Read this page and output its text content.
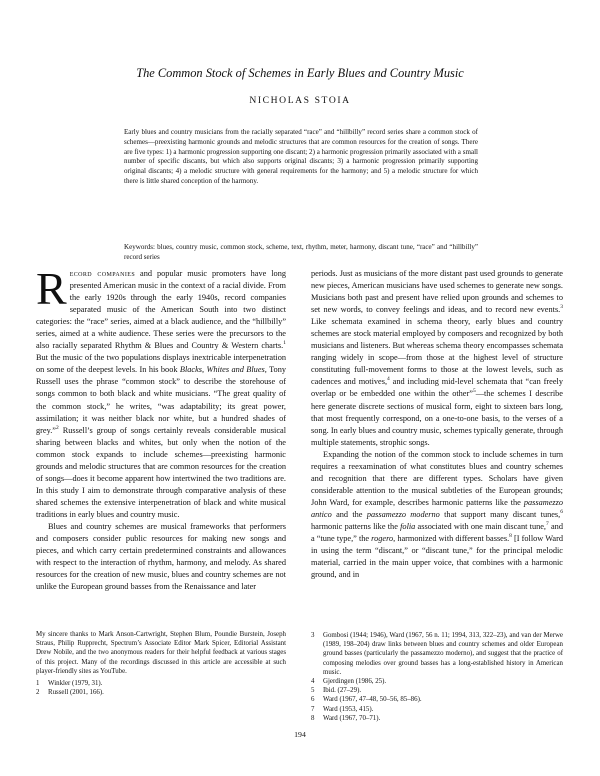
The Common Stock of Schemes in Early Blues and Country Music
NICHOLAS STOIA
Early blues and country musicians from the racially separated “race” and “hillbilly” record series share a common stock of schemes—preexisting harmonic grounds and melodic structures that are common resources for the creation of songs. There are five types: 1) a harmonic progression supporting one discant; 2) a harmonic progression primarily associated with a small number of specific discants, but which also supports original discants; 3) a harmonic progression primarily supporting original discants; 4) a melodic structure with general requirements for the harmony; and 5) a melodic structure for which there is little shared conception of the harmony.
Keywords: blues, country music, common stock, scheme, text, rhythm, meter, harmony, discant tune, “race” and “hillbilly” record series

Record companies and popular music promoters have long presented American music in the context of a racial divide. From the early 1920s through the early 1940s, record companies separated music of the American South into two distinct categories: the “race” series, aimed at a black audience, and the “hillbilly” series, aimed at a white audience. These series were the precursors to the also racially separated Rhythm & Blues and Country & Western charts.$^1$ But the music of the two populations displays inextricable interpenetration on some of the deepest levels. In his book Blacks, Whites and Blues, Tony Russell uses the phrase “common stock” to describe the storehouse of songs common to both black and white musicians. “The great quality of the common stock,” he writes, “was adaptability; its great power, assimilation; it was neither black nor white, but a hundred shades of grey.”$^2$ Russell’s group of songs certainly reveals considerable musical sharing between blacks and whites, but only when the notion of the common stock expands to include schemes—preexisting harmonic grounds and melodic structures that are common resources for the creation of songs—does it become apparent how intertwined the two traditions are. In this study I aim to demonstrate through comparative analysis of these shared schemes the extensive interpenetration of black and white musical traditions in early blues and country music.

Blues and country schemes are musical frameworks that performers and composers consider public resources for making new songs and pieces, and which carry certain predetermined constraints and allowances with respect to the interaction of rhythm, harmony, and melody. As shared resources for the creation of new music, blues and country schemes are not unlike the European ground basses from the Renaissance and later

periods. Just as musicians of the more distant past used grounds to generate new pieces, American musicians have used schemes to generate new songs. Musicians both past and present have relied upon grounds and schemes to set new words, to convey feelings and ideas, and to record new events.$^3$ Like schemata examined in schema theory, early blues and country schemes are stock material employed by composers and recognized by both musicians and listeners. But whereas schema theory encompasses schemata ranging widely in scope—from those at the highest level of structure constituting full-movement forms to those at the lowest levels, such as cadences and motives,$^4$ and including mid-level schemata that “can freely overlap or be embedded one within the other”$^5$—the schemes I describe here generate discrete sections of musical form, eight to sixteen bars long, that most frequently correspond, on a one-to-one basis, to the verses of a song. In early blues and country music, schemes typically generate, through multiple statements, strophic songs.

Expanding the notion of the common stock to include schemes in turn requires a reexamination of what constitutes blues and country schemes and recognition that there are different types. Scholars have given considerable attention to the musical subtleties of the European grounds; John Ward, for example, describes harmonic patterns like the passamezzo antico and the passamezzo moderno that support many discant tunes,$^6$ harmonic patterns like the folia associated with one main discant tune,$^7$ and a “tune type,” the rogero, harmonized with different basses.$^8$ [I follow Ward in using the term “discant,” or “discant tune,” for the principal melodic material, carried in the main upper voice, that combines with a harmonic ground, and in

My sincere thanks to Mark Anson-Cartwright, Stephen Blum, Poundie Burstein, Joseph Straus, Philip Rupprecht, Spectrum’s Associate Editor Mark Spicer, Editorial Assistant Drew Nobile, and the two anonymous readers for their helpful feedback at various stages of this project. Many of the recordings discussed in this article are accessible at such player-friendly sites as YouTube.
1	Winkler (1979, 31).
2	Russell (2001, 166).
3	Gombosi (1944; 1946), Ward (1967, 56 n. 11; 1994, 313, 322–23), and van der Merwe (1989, 198–204) draw links between blues and country schemes and older European ground basses (particularly the passamezzo moderno), and suggest that the practice of composing melodies over ground basses has a long-established history in American music.
4	Gjerdingen (1986, 25).
5	Ibid. (27–29).
6	Ward (1967, 47–48, 50–56, 85–86).
7	Ward (1953, 415).
8	Ward (1967, 70–71).
194
